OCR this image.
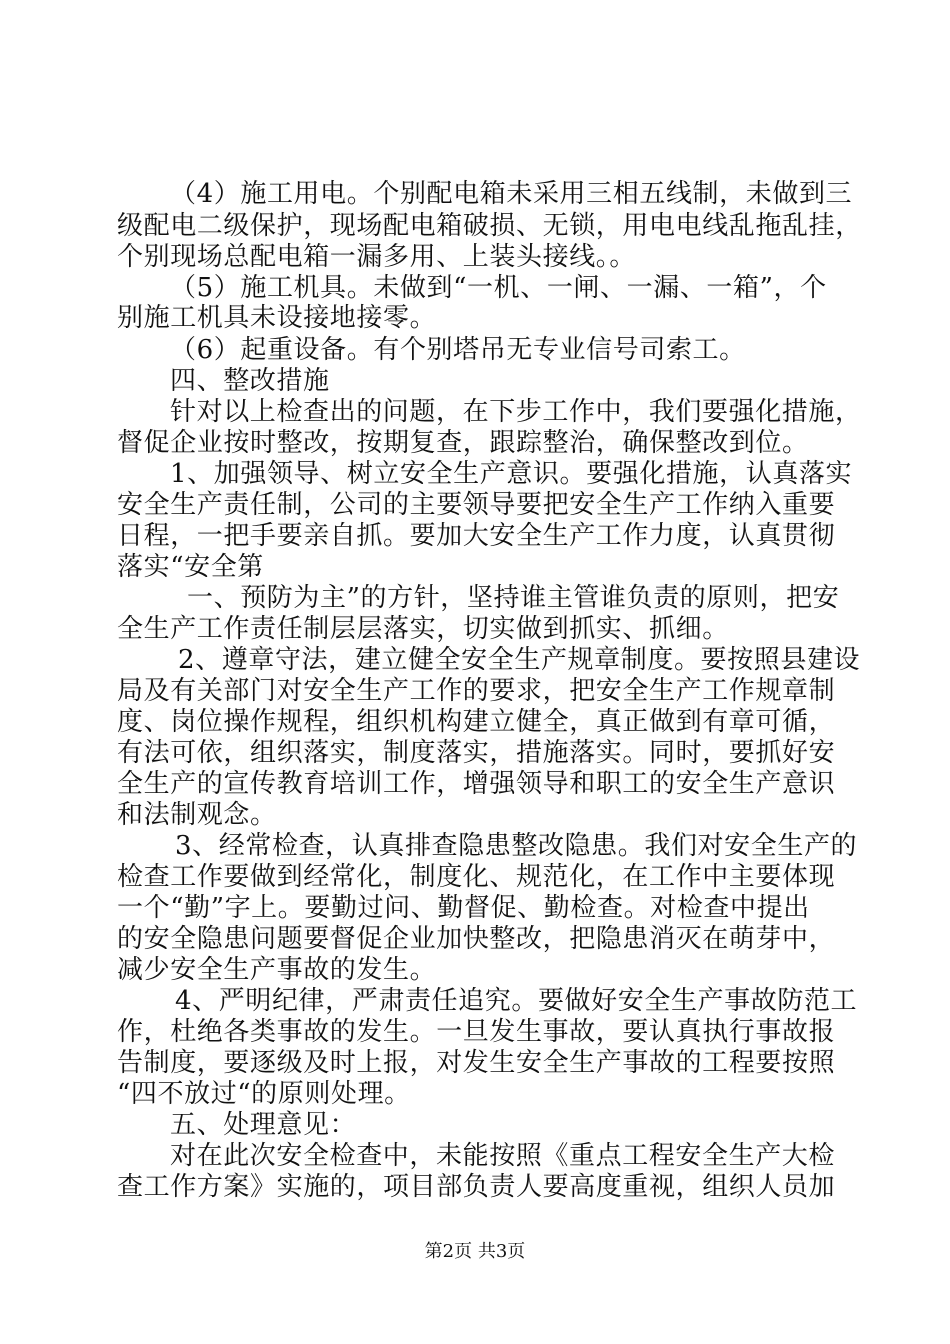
（4）施工用电。个别配电箱未采用三相五线制，未做到三
级配电二级保护，现场配电箱破损、无锁，用电电线乱拖乱挂，
个别现场总配电箱一漏多用、上装头接线。。
（5）施工机具。未做到“一机、一闸、一漏、一箱”，个
别施工机具未设接地接零。
（6）起重设备。有个别塔吊无专业信号司索工。
四、整改措施
针对以上检查出的问题，在下步工作中，我们要强化措施，
督促企业按时整改，按期复查，跟踪整治，确保整改到位。
1、加强领导、树立安全生产意识。要强化措施，认真落实
安全生产责任制，公司的主要领导要把安全生产工作纳入重要
日程，一把手要亲自抓。要加大安全生产工作力度，认真贯彻
落实“安全第
一、预防为主”的方针，坚持谁主管谁负责的原则，把安
全生产工作责任制层层落实，切实做到抓实、抓细。
2、遵章守法，建立健全安全生产规章制度。要按照县建设
局及有关部门对安全生产工作的要求，把安全生产工作规章制
度、岗位操作规程，组织机构建立健全，真正做到有章可循，
有法可依，组织落实，制度落实，措施落实。同时，要抓好安
全生产的宣传教育培训工作，增强领导和职工的安全生产意识
和法制观念。
3、经常检查，认真排查隐患整改隐患。我们对安全生产的
检查工作要做到经常化，制度化、规范化，在工作中主要体现
一个“勤”字上。要勤过问、勤督促、勤检查。对检查中提出
的安全隐患问题要督促企业加快整改，把隐患消灭在萌芽中，
减少安全生产事故的发生。
4、严明纪律，严肃责任追究。要做好安全生产事故防范工
作，杜绝各类事故的发生。一旦发生事故，要认真执行事故报
告制度，要逐级及时上报，对发生安全生产事故的工程要按照
“四不放过“的原则处理。
五、处理意见：
对在此次安全检查中，未能按照《重点工程安全生产大检
查工作方案》实施的，项目部负责人要高度重视，组织人员加
第2页 共3页
